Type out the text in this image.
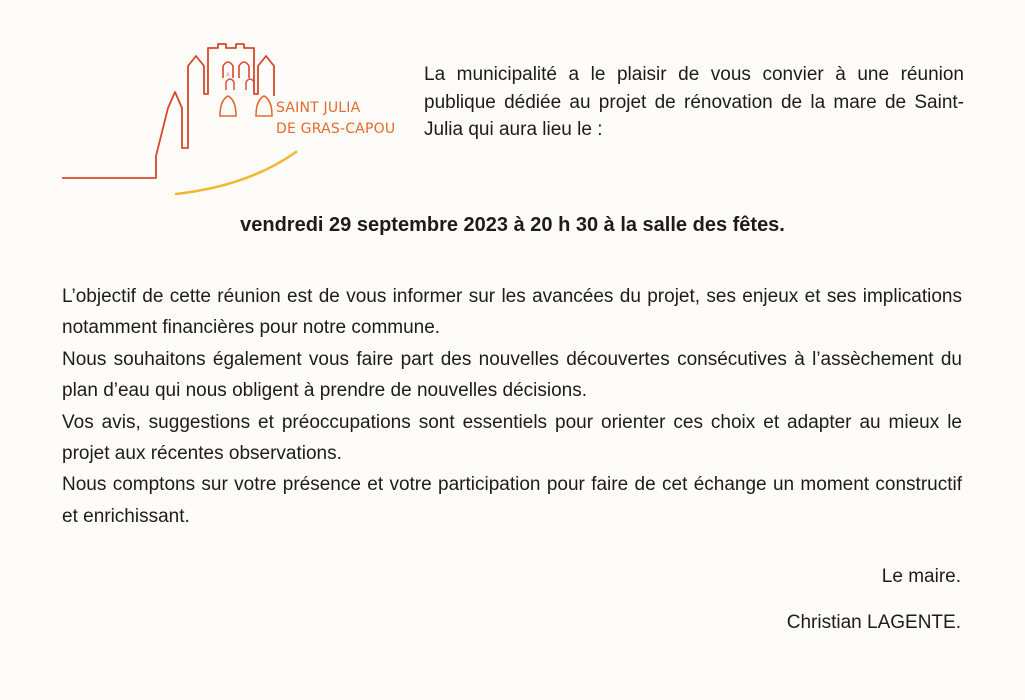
SAINT JULIA
DE GRAS-CAPOU
La municipalité a le plaisir de vous convier à une réunion publique dédiée au projet de rénovation de la mare de Saint-Julia qui aura lieu le :
vendredi 29 septembre 2023 à 20 h 30 à la salle des fêtes.

L’objectif de cette réunion est de vous informer sur les avancées du projet, ses enjeux et ses implications notamment financières pour notre commune.

Nous souhaitons également vous faire part des nouvelles découvertes consécutives à l’assèchement du plan d’eau qui nous obligent à prendre de nouvelles décisions.

Vos avis, suggestions et préoccupations sont essentiels pour orienter ces choix et adapter au mieux le projet aux récentes observations.

Nous comptons sur votre présence et votre participation pour faire de cet échange un moment constructif et enrichissant.

Le maire.
Christian LAGENTE.
